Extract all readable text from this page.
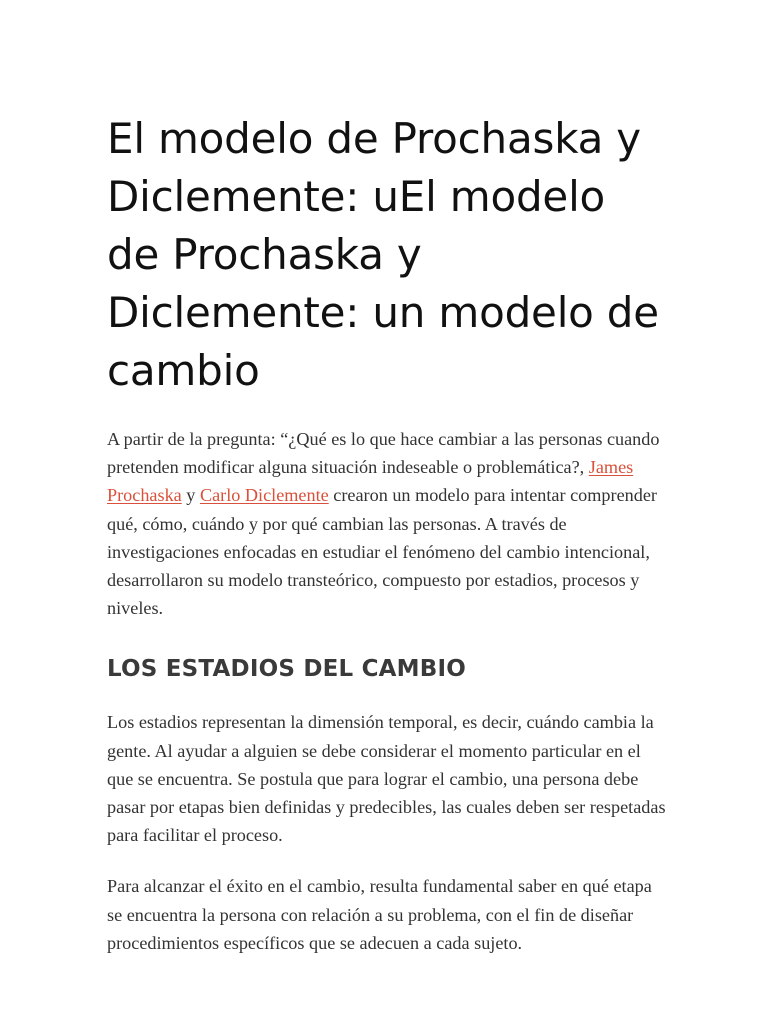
El modelo de Prochaska y Diclemente: uEl modelo de Prochaska y Diclemente: un modelo de cambio

A partir de la pregunta: “¿Qué es lo que hace cambiar a las personas cuando pretenden modificar alguna situación indeseable o problemática?, James Prochaska y Carlo Diclemente crearon un modelo para intentar comprender qué, cómo, cuándo y por qué cambian las personas. A través de investigaciones enfocadas en estudiar el fenómeno del cambio intencional, desarrollaron su modelo transteórico, compuesto por estadios, procesos y niveles.

LOS ESTADIOS DEL CAMBIO

Los estadios representan la dimensión temporal, es decir, cuándo cambia la gente. Al ayudar a alguien se debe considerar el momento particular en el que se encuentra. Se postula que para lograr el cambio, una persona debe pasar por etapas bien definidas y predecibles, las cuales deben ser respetadas para facilitar el proceso.

Para alcanzar el éxito en el cambio, resulta fundamental saber en qué etapa se encuentra la persona con relación a su problema, con el fin de diseñar procedimientos específicos que se adecuen a cada sujeto.
